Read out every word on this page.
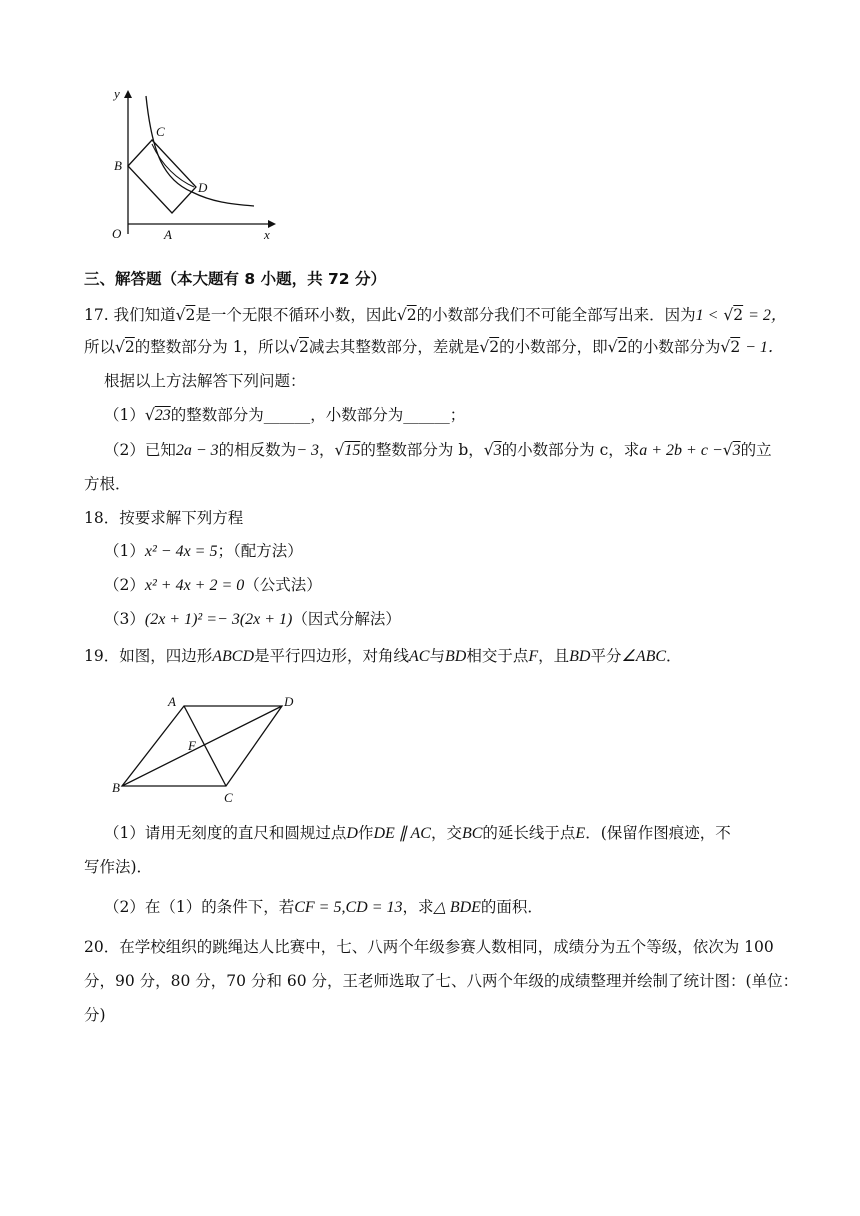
y
x
O	A
B
C
D
三、解答题（本大题有 8 小题，共 72 分）
17. 我们知道√2是一个无限不循环小数，因此√2的小数部分我们不可能全部写出来．因为1 < √2 = 2，
所以√2的整数部分为 1，所以√2减去其整数部分，差就是√2的小数部分，即√2的小数部分为√2 − 1．
根据以上方法解答下列问题：
（1）√23的整数部分为______，小数部分为______；
（2）已知2a − 3的相反数为− 3，√15的整数部分为 b，√3的小数部分为 c，求a + 2b + c −√3的立
方根．
18．按要求解下列方程
（1）x² − 4x = 5；（配方法）
（2）x² + 4x + 2 = 0（公式法）
（3）(2x + 1)² =− 3(2x + 1)（因式分解法）
19．如图，四边形ABCD是平行四边形，对角线AC与BD相交于点F，且BD平分∠ABC．
A	D
F
B
C
（1）请用无刻度的直尺和圆规过点D作DE ∥ AC，交BC的延长线于点E．(保留作图痕迹，不
写作法)．
（2）在（1）的条件下，若CF = 5,CD = 13，求△ BDE的面积．
20．在学校组织的跳绳达人比赛中，七、八两个年级参赛人数相同，成绩分为五个等级，依次为 100
分，90 分，80 分，70 分和 60 分，王老师选取了七、八两个年级的成绩整理并绘制了统计图：(单位：
分)
